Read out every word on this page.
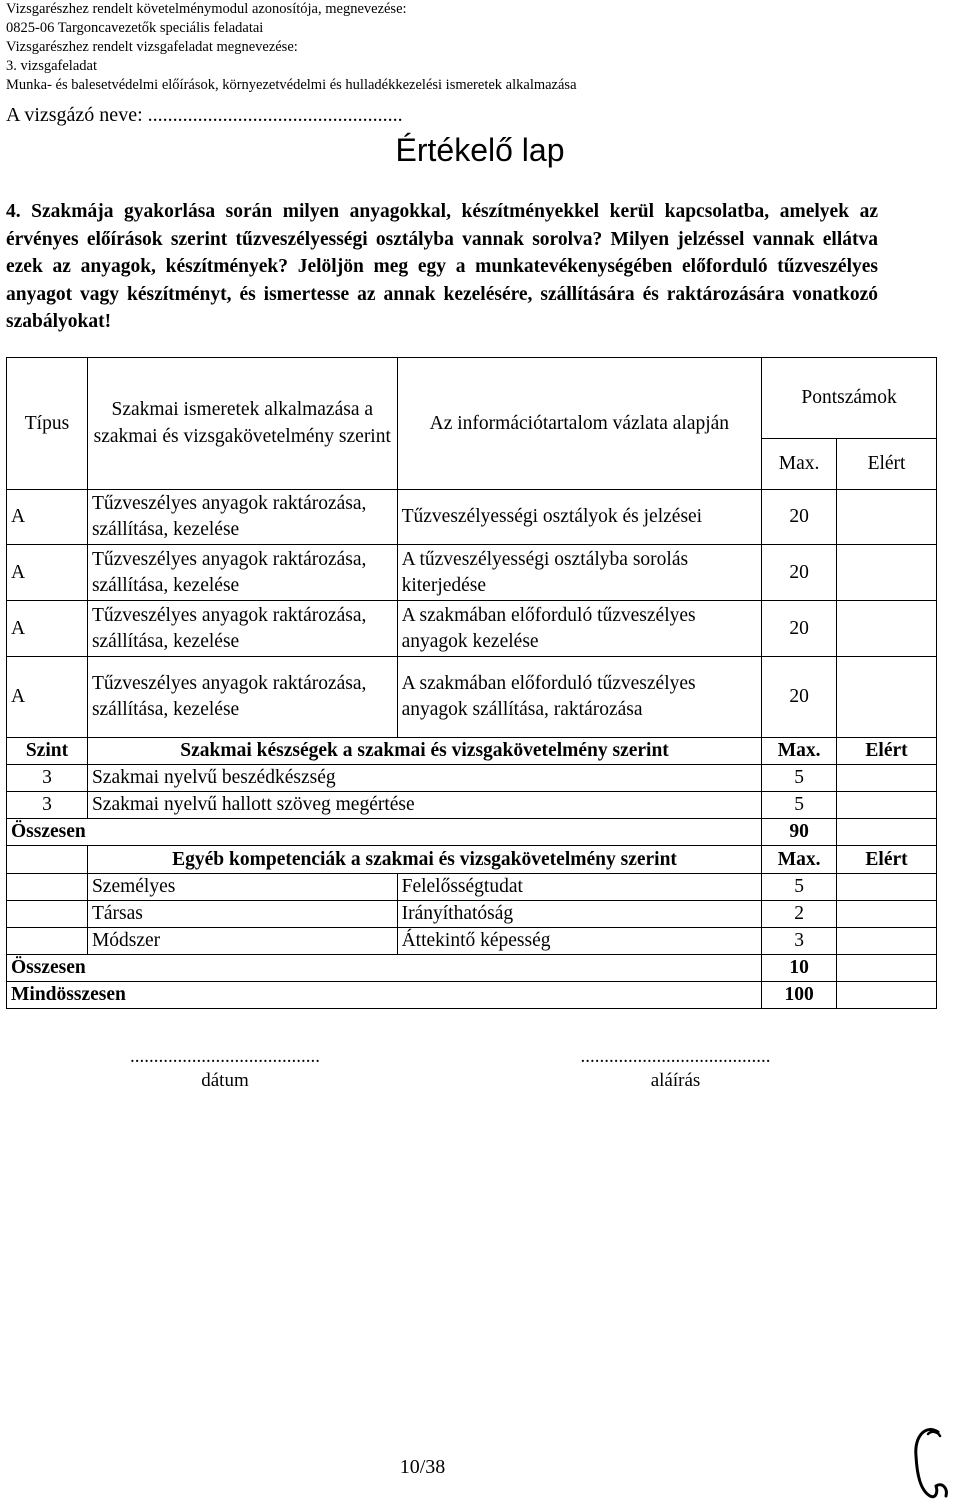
Vizsgarészhez rendelt követelménymodul azonosítója, megnevezése:
0825-06 Targoncavezetők speciális feladatai
Vizsgarészhez rendelt vizsgafeladat megnevezése:
3. vizsgafeladat
Munka- és balesetvédelmi előírások, környezetvédelmi és hulladékkezelési ismeretek alkalmazása
A vizsgázó neve: ...................................................
Értékelő lap
4. Szakmája gyakorlása során milyen anyagokkal, készítményekkel kerül kapcsolatba, amelyek az érvényes előírások szerint tűzveszélyességi osztályba vannak sorolva? Milyen jelzéssel vannak ellátva ezek az anyagok, készítmények? Jelöljön meg egy a munkatevékenységében előforduló tűzveszélyes anyagot vagy készítményt, és ismertesse az annak kezelésére, szállítására és raktározására vonatkozó szabályokat!
Típus	Szakmai ismeretek alkalmazása a szakmai és vizsgakövetelmény szerint	Az információtartalom vázlata alapján	Pontszámok	
			Max.	Elért
A	Tűzveszélyes anyagok raktározása, szállítása, kezelése	Tűzveszélyességi osztályok és jelzései	20	
A	Tűzveszélyes anyagok raktározása, szállítása, kezelése	A tűzveszélyességi osztályba sorolás kiterjedése	20	
A	Tűzveszélyes anyagok raktározása, szállítása, kezelése	A szakmában előforduló tűzveszélyes anyagok kezelése	20	
A	Tűzveszélyes anyagok raktározása, szállítása, kezelése	A szakmában előforduló tűzveszélyes anyagok szállítása, raktározása	20	
Szint	Szakmai készségek a szakmai és vizsgakövetelmény szerint		Max.	Elért
3	Szakmai nyelvű beszédkészség		5	
3	Szakmai nyelvű hallott szöveg megértése		5	
Összesen			90	
	Egyéb kompetenciák a szakmai és vizsgakövetelmény szerint		Max.	Elért
	Személyes	Felelősségtudat	5	
	Társas	Irányíthatóság	2	
	Módszer	Áttekintő képesség	3	
Összesen			10	
Mindösszesen			100	
........................................
dátum
........................................
aláírás
10/38
